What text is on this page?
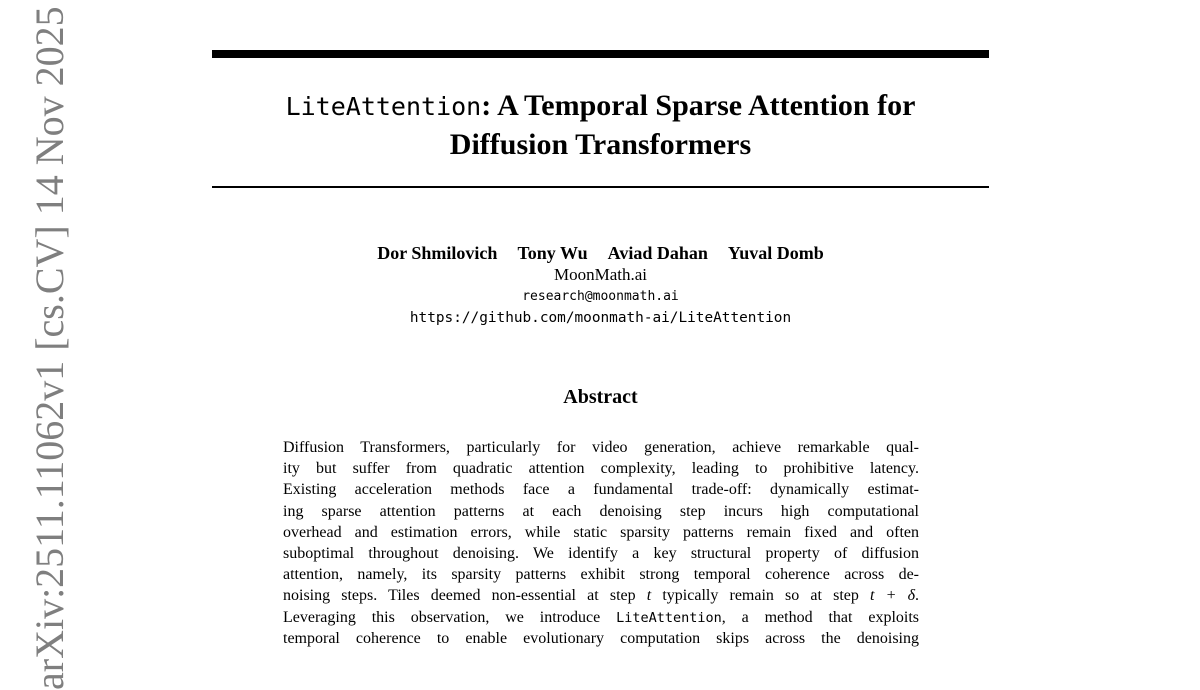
LiteAttention: A Temporal Sparse Attention for
Diffusion Transformers
Dor Shmilovich Tony Wu Aviad Dahan Yuval Domb
MoonMath.ai
research@moonmath.ai
https://github.com/moonmath-ai/LiteAttention
Abstract
Diffusion Transformers, particularly for video generation, achieve remarkable qual-
ity but suffer from quadratic attention complexity, leading to prohibitive latency.
Existing acceleration methods face a fundamental trade-off: dynamically estimat-
ing sparse attention patterns at each denoising step incurs high computational
overhead and estimation errors, while static sparsity patterns remain fixed and often
suboptimal throughout denoising. We identify a key structural property of diffusion
attention, namely, its sparsity patterns exhibit strong temporal coherence across de-
noising steps. Tiles deemed non-essential at step t typically remain so at step t + δ.
Leveraging this observation, we introduce LiteAttention, a method that exploits
temporal coherence to enable evolutionary computation skips across the denoising
arXiv:2511.11062v1 [cs.CV] 14 Nov 2025
